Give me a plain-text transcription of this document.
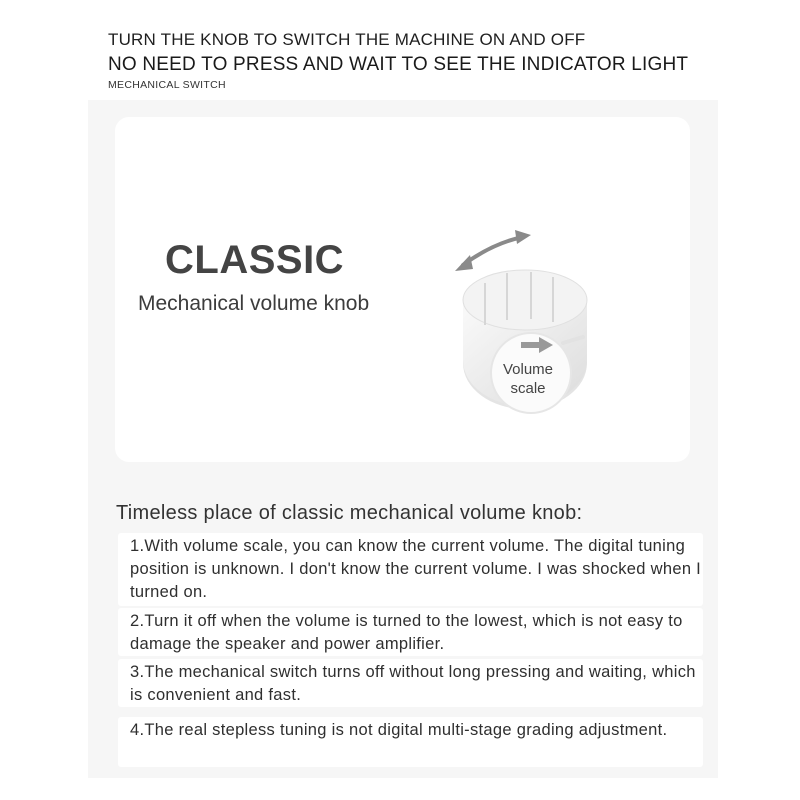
TURN THE KNOB TO SWITCH THE MACHINE ON AND OFF
NO NEED TO PRESS AND WAIT TO SEE THE INDICATOR LIGHT
MECHANICAL SWITCH
CLASSIC
Mechanical volume knob
Volume
scale
Timeless place of classic mechanical volume knob:
1.With volume scale, you can know the current volume. The digital tuning position is unknown. I don't know the current volume. I was shocked when I turned on.
2.Turn it off when the volume is turned to the lowest, which is not easy to damage the speaker and power amplifier.
3.The mechanical switch turns off without long pressing and waiting, which is convenient and fast.
4.The real stepless tuning is not digital multi-stage grading adjustment.
